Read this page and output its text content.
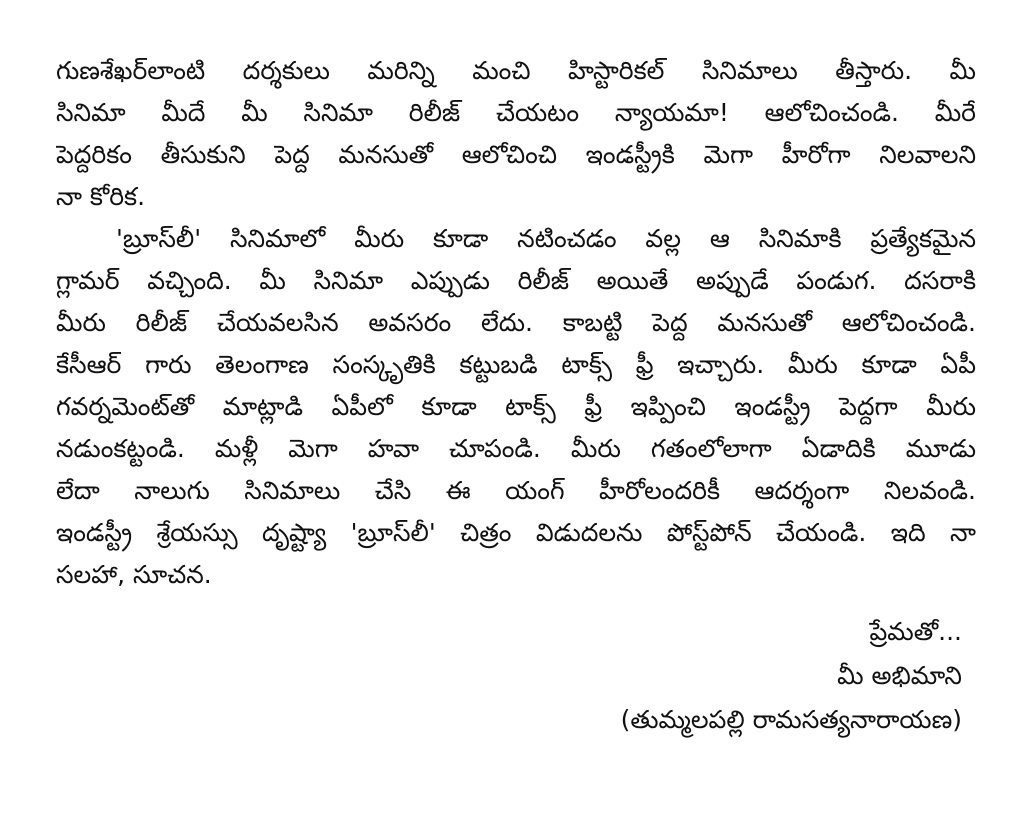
గుణశేఖర్‌లాంటి దర్శకులు మరిన్ని మంచి హిస్టారికల్ సినిమాలు తీస్తారు. మీ
సినిమా మీదే మీ సినిమా రిలీజ్ చేయటం న్యాయమా! ఆలోచించండి. మీరే
పెద్దరికం తీసుకుని పెద్ద మనసుతో ఆలోచించి ఇండస్ట్రీకి మెగా హీరోగా నిలవాలని
నా కోరిక.
'బ్రూస్‌లీ' సినిమాలో మీరు కూడా నటించడం వల్ల ఆ సినిమాకి ప్రత్యేకమైన
గ్లామర్ వచ్చింది. మీ సినిమా ఎప్పుడు రిలీజ్ అయితే అప్పుడే పండుగ. దసరాకి
మీరు రిలీజ్ చేయవలసిన అవసరం లేదు. కాబట్టి పెద్ద మనసుతో ఆలోచించండి.
కేసీఆర్ గారు తెలంగాణ సంస్కృతికి కట్టుబడి టాక్స్ ఫ్రీ ఇచ్చారు. మీరు కూడా ఏపీ
గవర్నమెంట్‌తో మాట్లాడి ఏపీలో కూడా టాక్స్ ఫ్రీ ఇప్పించి ఇండస్ట్రీ పెద్దగా మీరు
నడుంకట్టండి. మళ్లీ మెగా హవా చూపండి. మీరు గతంలోలాగా ఏడాదికి మూడు
లేదా నాలుగు సినిమాలు చేసి ఈ యంగ్ హీరోలందరికీ ఆదర్శంగా నిలవండి.
ఇండస్ట్రీ శ్రేయస్సు దృష్ట్యా 'బ్రూస్‌లీ' చిత్రం విడుదలను పోస్ట్‌పోన్ చేయండి. ఇది నా
సలహా, సూచన.
ప్రేమతో...
మీ అభిమాని
(తుమ్మలపల్లి రామసత్యనారాయణ)
